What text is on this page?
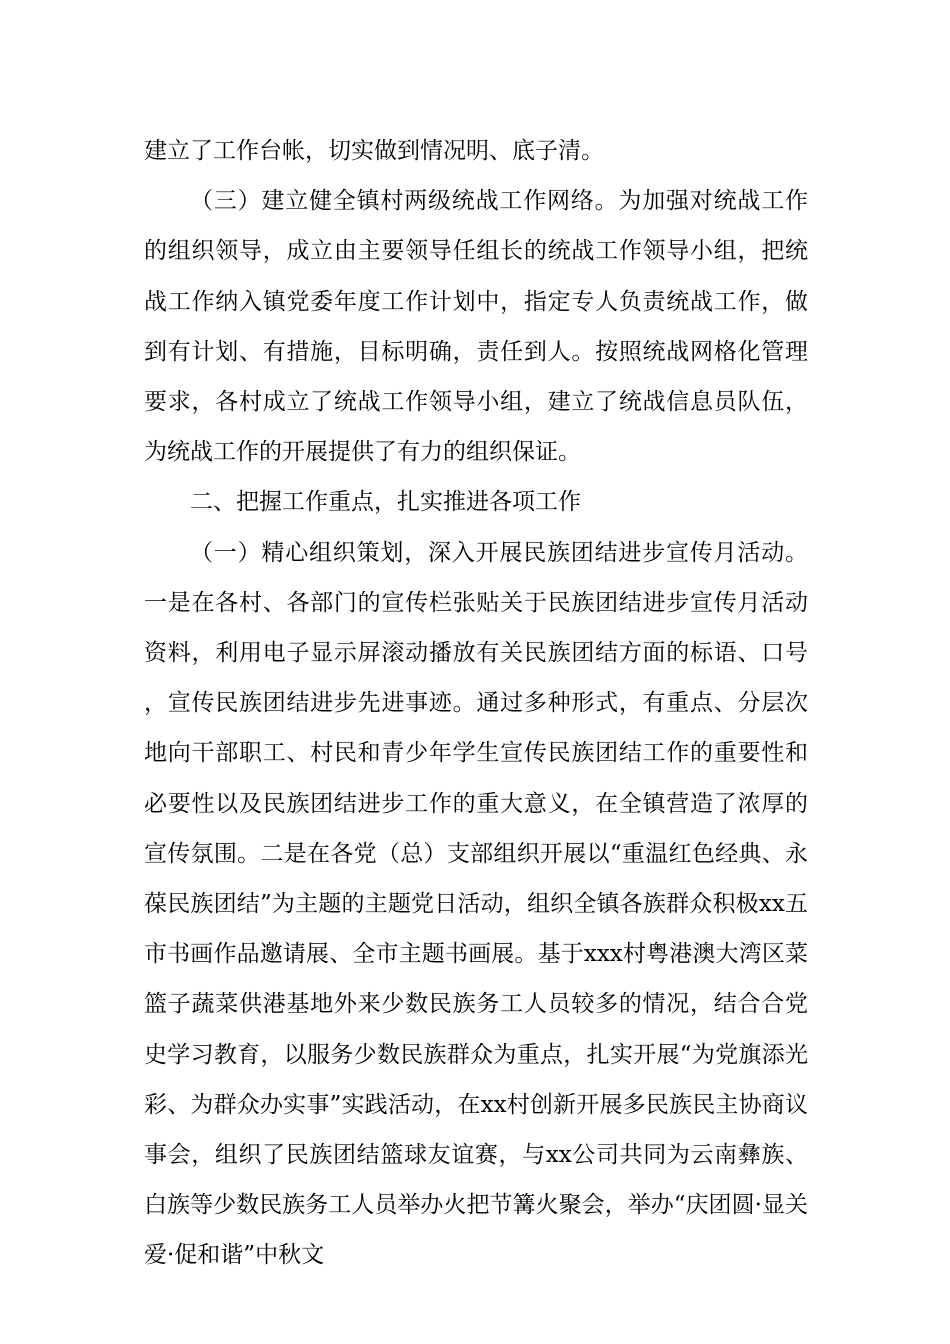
建立了工作台帐，切实做到情况明、底子清。

（三）建立健全镇村两级统战工作网络。为加强对统战工作的组织领导，成立由主要领导任组长的统战工作领导小组，把统战工作纳入镇党委年度工作计划中，指定专人负责统战工作，做到有计划、有措施，目标明确，责任到人。按照统战网格化管理要求，各村成立了统战工作领导小组，建立了统战信息员队伍，为统战工作的开展提供了有力的组织保证。

二、把握工作重点，扎实推进各项工作

（一）精心组织策划，深入开展民族团结进步宣传月活动。一是在各村、各部门的宣传栏张贴关于民族团结进步宣传月活动资料，利用电子显示屏滚动播放有关民族团结方面的标语、口号，宣传民族团结进步先进事迹。通过多种形式，有重点、分层次地向干部职工、村民和青少年学生宣传民族团结工作的重要性和必要性以及民族团结进步工作的重大意义，在全镇营造了浓厚的宣传氛围。二是在各党（总）支部组织开展以“重温红色经典、永葆民族团结”为主题的主题党日活动，组织全镇各族群众积极xx五市书画作品邀请展、全市主题书画展。基于xxx村粤港澳大湾区菜篮子蔬菜供港基地外来少数民族务工人员较多的情况，结合合党史学习教育，以服务少数民族群众为重点，扎实开展“为党旗添光彩、为群众办实事”实践活动，在xx村创新开展多民族民主协商议事会，组织了民族团结篮球友谊赛，与xx公司共同为云南彝族、白族等少数民族务工人员举办火把节篝火聚会，举办“庆团圆·显关爱·促和谐”中秋文
